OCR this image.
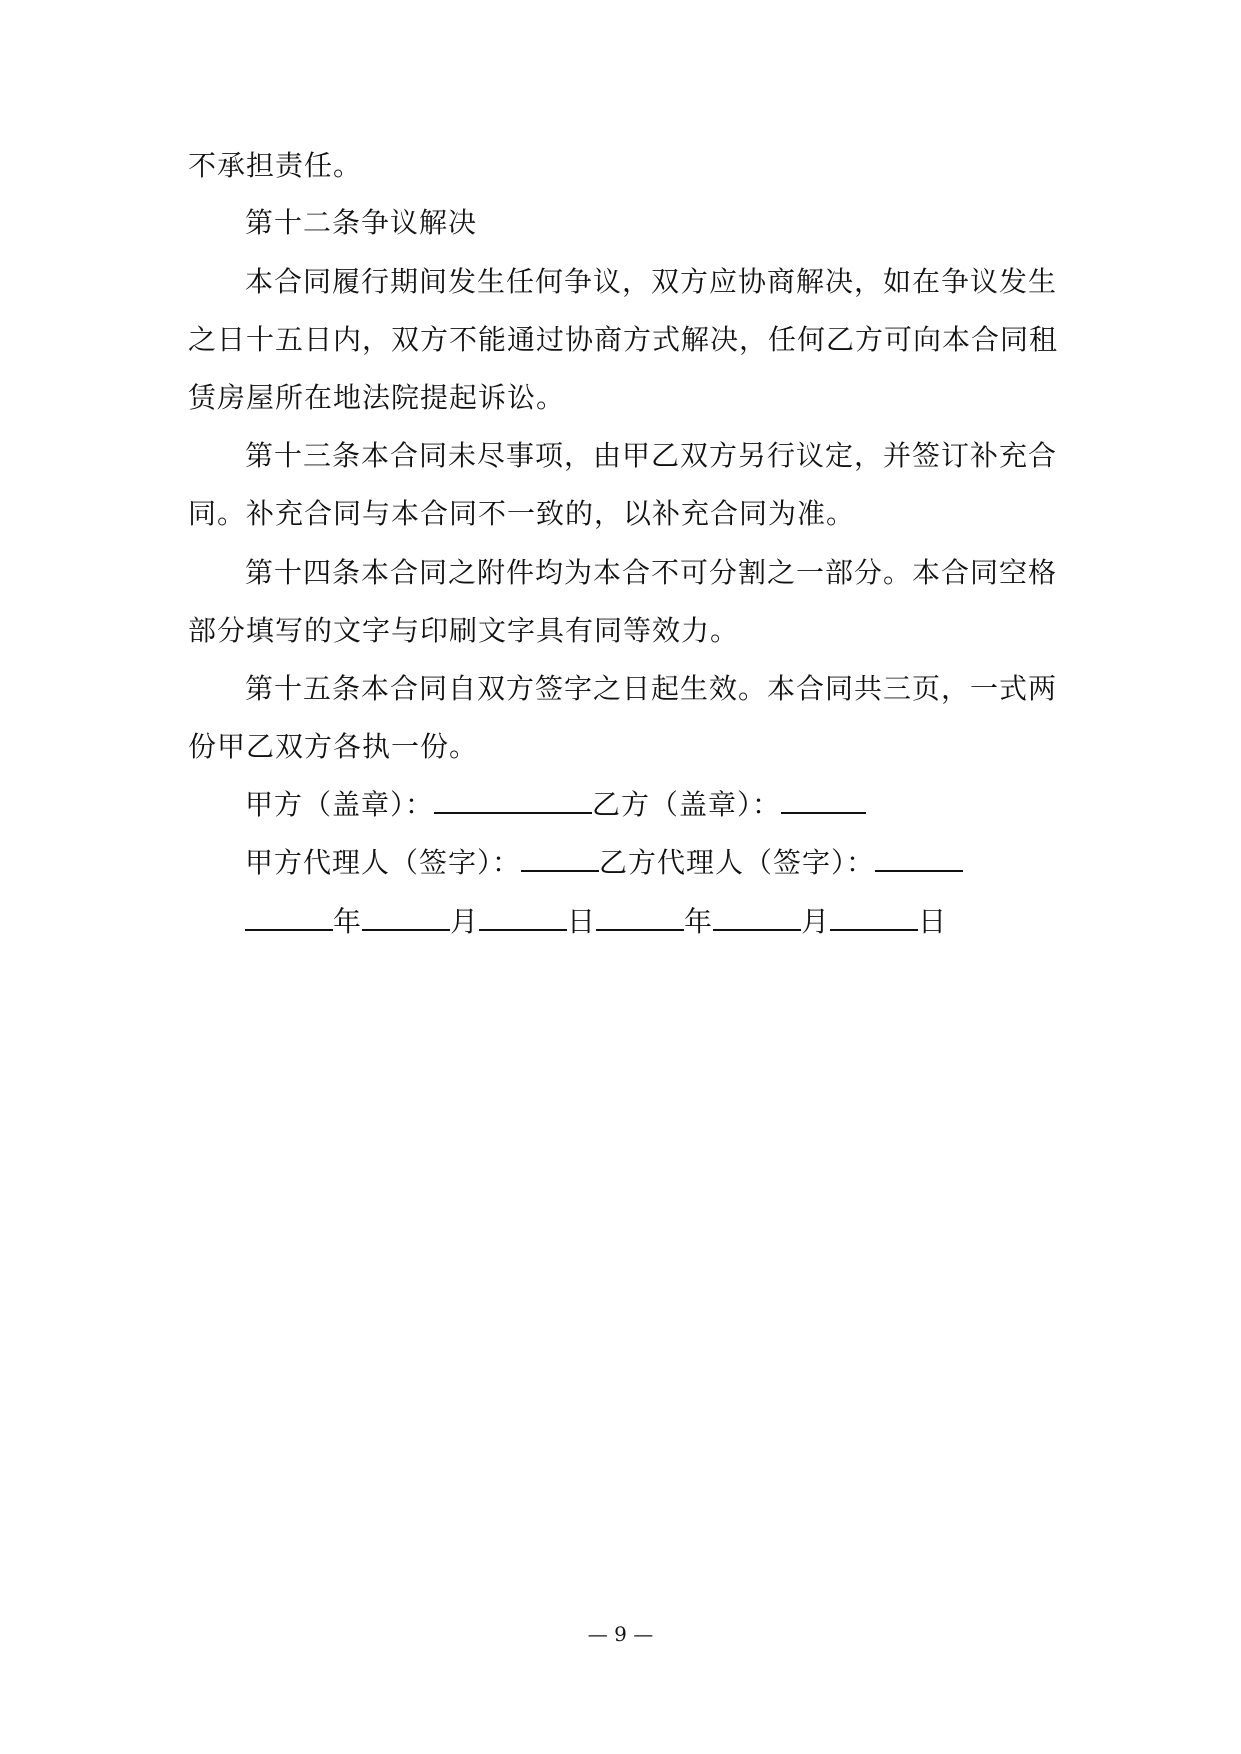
不承担责任。
第十二条争议解决
本合同履行期间发生任何争议，双方应协商解决，如在争议发生
之日十五日内，双方不能通过协商方式解决，任何乙方可向本合同租
赁房屋所在地法院提起诉讼。
第十三条本合同未尽事项，由甲乙双方另行议定，并签订补充合
同。补充合同与本合同不一致的，以补充合同为准。
第十四条本合同之附件均为本合不可分割之一部分。本合同空格
部分填写的文字与印刷文字具有同等效力。
第十五条本合同自双方签字之日起生效。本合同共三页，一式两
份甲乙双方各执一份。
甲方（盖章）：	乙方（盖章）：
甲方代理人（签字）：	乙方代理人（签字）：
年	月	日	年	月	日
— 9 —
